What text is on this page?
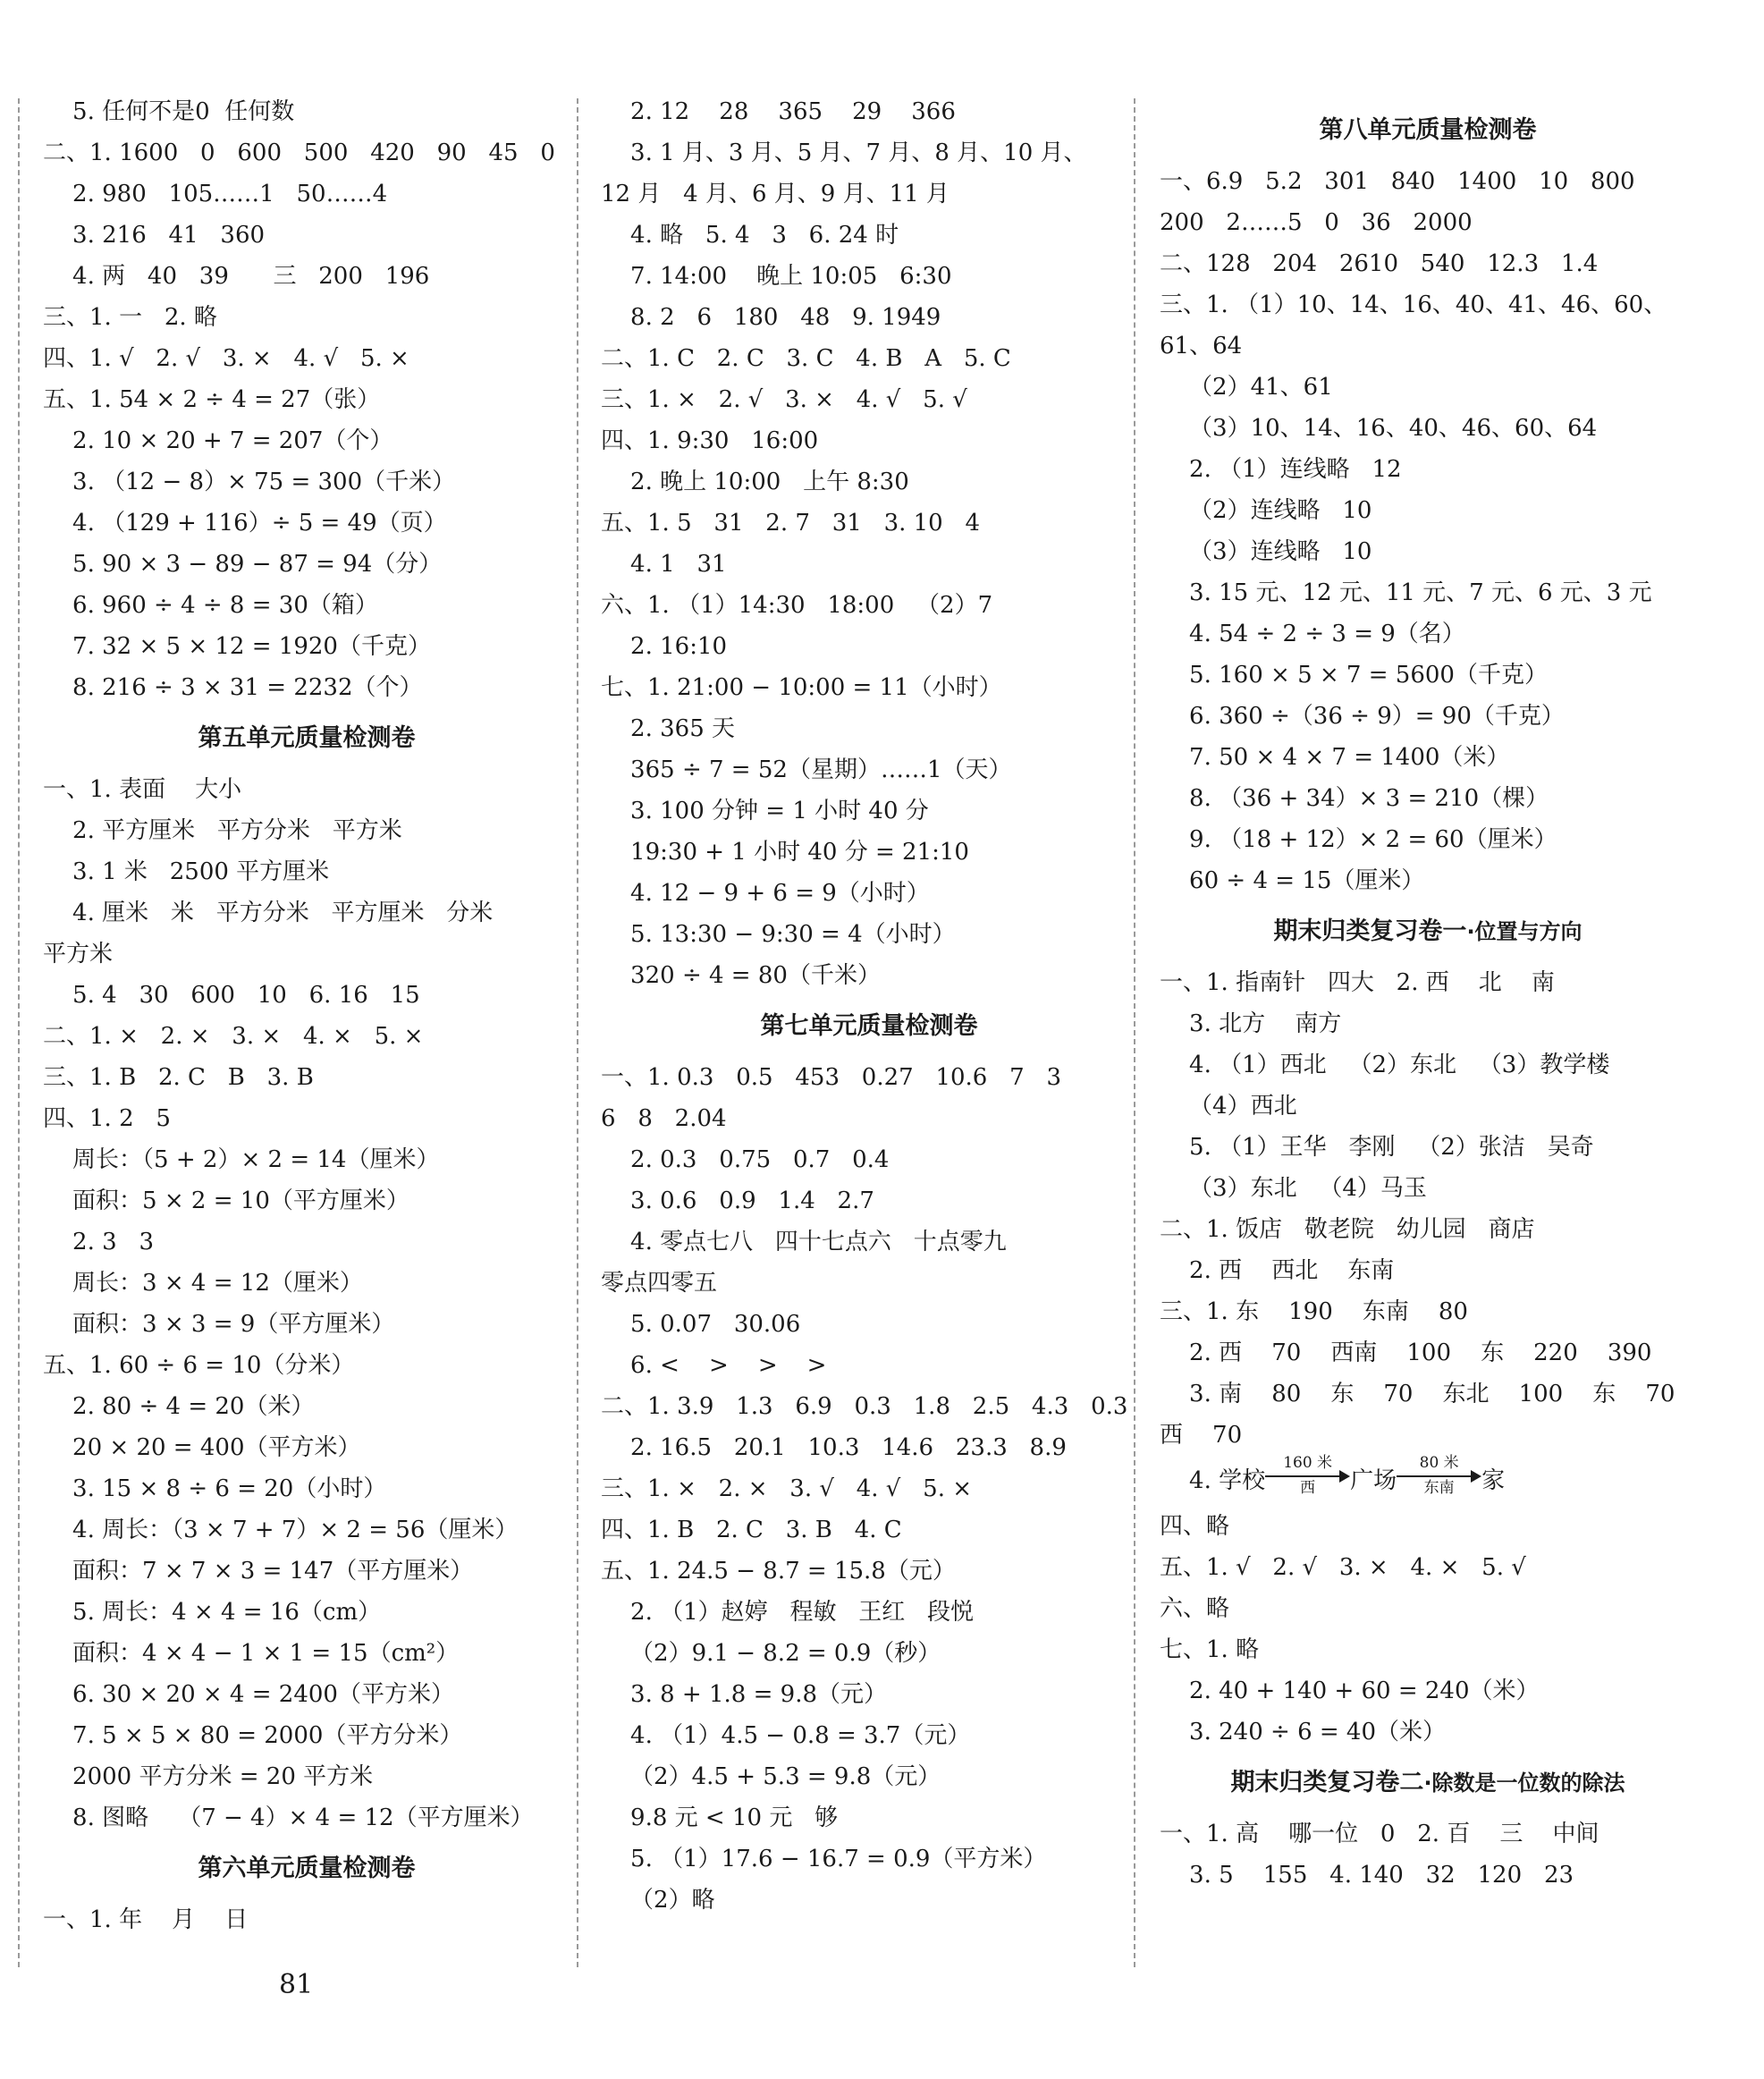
5. 任何不是0  任何数
二、1. 1600   0   600   500   420   90   45   0
2. 980   105……1   50……4
3. 216   41   360
4. 两   40   39      三   200   196
三、1. 一   2. 略
四、1. √   2. √   3. ×   4. √   5. ×
五、1. 54 × 2 ÷ 4 = 27（张）
2. 10 × 20 + 7 = 207（个）
3. （12 − 8）× 75 = 300（千米）
4. （129 + 116）÷ 5 = 49（页）
5. 90 × 3 − 89 − 87 = 94（分）
6. 960 ÷ 4 ÷ 8 = 30（箱）
7. 32 × 5 × 12 = 1920（千克）
8. 216 ÷ 3 × 31 = 2232（个）
第五单元质量检测卷
一、1. 表面    大小
2. 平方厘米   平方分米   平方米
3. 1 米   2500 平方厘米
4. 厘米   米   平方分米   平方厘米   分米
平方米
5. 4   30   600   10   6. 16   15
二、1. ×   2. ×   3. ×   4. ×   5. ×
三、1. B   2. C   B   3. B
四、1. 2   5
周长：（5 + 2）× 2 = 14（厘米）
面积：5 × 2 = 10（平方厘米）
2. 3   3
周长：3 × 4 = 12（厘米）
面积：3 × 3 = 9（平方厘米）
五、1. 60 ÷ 6 = 10（分米）
2. 80 ÷ 4 = 20（米）
20 × 20 = 400（平方米）
3. 15 × 8 ÷ 6 = 20（小时）
4. 周长：（3 × 7 + 7）× 2 = 56（厘米）
面积：7 × 7 × 3 = 147（平方厘米）
5. 周长：4 × 4 = 16（cm）
面积：4 × 4 − 1 × 1 = 15（cm²）
6. 30 × 20 × 4 = 2400（平方米）
7. 5 × 5 × 80 = 2000（平方分米）
2000 平方分米 = 20 平方米
8. 图略    （7 − 4）× 4 = 12（平方厘米）
第六单元质量检测卷
一、1. 年    月    日
2. 12    28    365    29    366
3. 1 月、3 月、5 月、7 月、8 月、10 月、
12 月   4 月、6 月、9 月、11 月
4. 略   5. 4   3   6. 24 时
7. 14:00    晚上 10:05   6:30
8. 2   6   180   48   9. 1949
二、1. C   2. C   3. C   4. B   A   5. C
三、1. ×   2. √   3. ×   4. √   5. √
四、1. 9:30   16:00
2. 晚上 10:00   上午 8:30
五、1. 5   31   2. 7   31   3. 10   4
4. 1   31
六、1. （1）14:30   18:00   （2）7
2. 16:10
七、1. 21:00 − 10:00 = 11（小时）
2. 365 天
365 ÷ 7 = 52（星期）……1（天）
3. 100 分钟 = 1 小时 40 分
19:30 + 1 小时 40 分 = 21:10
4. 12 − 9 + 6 = 9（小时）
5. 13:30 − 9:30 = 4（小时）
320 ÷ 4 = 80（千米）
第七单元质量检测卷
一、1. 0.3   0.5   453   0.27   10.6   7   3
6   8   2.04
2. 0.3   0.75   0.7   0.4
3. 0.6   0.9   1.4   2.7
4. 零点七八   四十七点六   十点零九
零点四零五
5. 0.07   30.06
6. <    >    >    >
二、1. 3.9   1.3   6.9   0.3   1.8   2.5   4.3   0.3
2. 16.5   20.1   10.3   14.6   23.3   8.9
三、1. ×   2. ×   3. √   4. √   5. ×
四、1. B   2. C   3. B   4. C
五、1. 24.5 − 8.7 = 15.8（元）
2. （1）赵婷   程敏   王红   段悦
（2）9.1 − 8.2 = 0.9（秒）
3. 8 + 1.8 = 9.8（元）
4. （1）4.5 − 0.8 = 3.7（元）
（2）4.5 + 5.3 = 9.8（元）
9.8 元 < 10 元   够
5. （1）17.6 − 16.7 = 0.9（平方米）
（2）略
第八单元质量检测卷
一、6.9   5.2   301   840   1400   10   800
200   2……5   0   36   2000
二、128   204   2610   540   12.3   1.4
三、1. （1）10、14、16、40、41、46、60、
61、64
（2）41、61
（3）10、14、16、40、46、60、64
2. （1）连线略   12
（2）连线略   10
（3）连线略   10
3. 15 元、12 元、11 元、7 元、6 元、3 元
4. 54 ÷ 2 ÷ 3 = 9（名）
5. 160 × 5 × 7 = 5600（千克）
6. 360 ÷（36 ÷ 9）= 90（千克）
7. 50 × 4 × 7 = 1400（米）
8. （36 + 34）× 3 = 210（棵）
9. （18 + 12）× 2 = 60（厘米）
60 ÷ 4 = 15（厘米）
期末归类复习卷一·位置与方向
一、1. 指南针   四大   2. 西    北    南
3. 北方    南方
4. （1）西北   （2）东北   （3）教学楼
（4）西北
5. （1）王华   李刚   （2）张洁   吴奇
（3）东北   （4）马玉
二、1. 饭店   敬老院   幼儿园   商店
2. 西    西北    东南
三、1. 东    190    东南    80
2. 西    70    西南    100    东    220    390
3. 南    80    东    70    东北    100    东    70
西    70
4. 学校
160 米
西	广场
80 米
东南	家
四、略
五、1. √   2. √   3. ×   4. ×   5. √
六、略
七、1. 略
2. 40 + 140 + 60 = 240（米）
3. 240 ÷ 6 = 40（米）
期末归类复习卷二·除数是一位数的除法
一、1. 高    哪一位   0   2. 百    三    中间
3. 5    155   4. 140   32   120   23
81
